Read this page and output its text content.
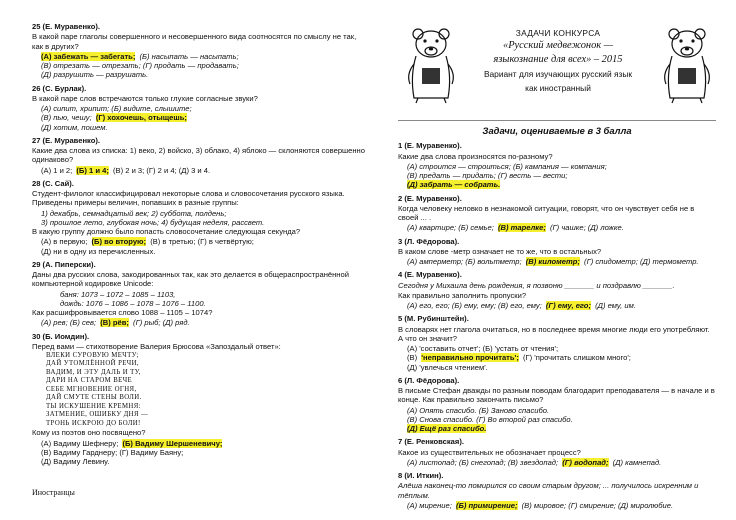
25 (Е. Муравенко).
В какой паре глаголы совершенного и несовершенного вида соотносятся по смыслу не так, как в других?
(А) забежать — забегать; (Б) насыпать — насыпать;
(В) отрезать — отрезать; (Г) продать — продавать;
(Д) разрушить — разрушать.
26 (С. Бурлак).
В какой паре слов встречаются только глухие согласные звуки?
(А) сипит, хрипит; (Б) видите, слышите;
(В) пью, чешу; (Г) хохочешь, отыщешь;
(Д) хотим, пошем.
27 (Е. Муравенко).
Какие два слова из списка: 1) веко, 2) войско, 3) облако, 4) яблоко — склоняются совершенно одинаково?
(А) 1 и 2; (Б) 1 и 4; (В) 2 и 3; (Г) 2 и 4; (Д) 3 и 4.
28 (С. Сай).
Студент-филолог классифицировал некоторые слова и словосочетания русского языка. Приведены примеры величин, попавших в разные группы:
1) декабрь, семнадцатый век; 2) суббота, полдень;
3) прошлое лето, глубокая ночь; 4) будущая неделя, рассвет.
В какую группу должно было попасть словосочетание следующая секунда?
(А) в первую; (Б) во вторую; (В) в третью; (Г) в четвёртую;
(Д) ни в одну из перечисленных.
29 (А. Пиперски).
Даны два русских слова, закодированных так, как это делается в общераспространённой компьютерной кодировке Unicode:
баня: 1073 – 1072 – 1085 – 1103,
дождь: 1076 – 1086 – 1078 – 1076 – 1100.
Как расшифровывается слово 1088 – 1105 – 1074?
(А) рев; (Б) сев; (В) рёв; (Г) рыб; (Д) ряд.
30 (Б. Иомдин).
Перед вами — стихотворение Валерия Брюсова «Запоздалый ответ»:
ВЛЕКИ СУРОВУЮ МЕЧТУ;
ДАЙ УТОМЛЁННОЙ РЕЧИ,
ВАДИМ, И ЭТУ ДАЛЬ И ТУ,
ДАРИ НА СТАРОМ ВЕЧЕ
СЕБЕ МГНОВЕНИЕ ОГНЯ,
ДАЙ СМУТЕ СТЕНЫ ВОЛИ.
ТЫ ИСКУШЕНИЕ КРЕМНЯ:
ЗАТМЕНИЕ, ОШИБКУ ДНЯ —
ТРОНЬ ИСКРОЮ ДО БОЛИ!
Кому из поэтов оно посвящено?
(А) Вадиму Шефнеру; (Б) Вадиму Шершеневичу;
(В) Вадиму Гарднеру; (Г) Вадиму Баяну;
(Д) Вадиму Левину.
Иностранцы
ЗАДАЧИ КОНКУРСА
«Русский медвежонок —
языкознание для всех» – 2015
Вариант для изучающих русский язык
как иностранный
Задачи, оцениваемые в 3 балла
1 (Е. Муравенко).
Какие два слова произносятся по-разному?
(А) строится — строиться; (Б) кампания — компания;
(В) предать — придать; (Г) весть — вести;
(Д) забрать — собрать.
2 (Е. Муравенко).
Когда человеку неловко в незнакомой ситуации, говорят, что он чувствует себя не в своей ... .
(А) квартире; (Б) семье; (В) тарелке; (Г) чашке; (Д) ложке.
3 (Л. Фёдорова).
В каком слове -метр означает не то же, что в остальных?
(А) амперметр; (Б) вольтметр; (В) километр; (Г) спидометр; (Д) термометр.
4 (Е. Муравенко).
Сегодня у Михаила день рождения, я позвоню _______ и поздравлю _______.
Как правильно заполнить пропуски?
(А) его, его; (Б) ему, ему; (В) его, ему; (Г) ему, его; (Д) ему, им.
5 (М. Рубинштейн).
В словарях нет глагола очитаться, но в последнее время многие люди его употребляют. А что он значит?
(А) 'составить отчет'; (Б) 'устать от чтения';
(В) 'неправильно прочитать'; (Г) 'прочитать слишком много';
(Д) 'увлечься чтением'.
6 (Л. Фёдорова).
В письме Стефан дважды по разным поводам благодарит преподавателя — в начале и в конце. Как правильно закончить письмо?
(А) Опять спасибо. (Б) Заново спасибо.
(В) Снова спасибо. (Г) Во второй раз спасибо.
(Д) Ещё раз спасибо.
7 (Е. Ренковская).
Какое из существительных не обозначает процесс?
(А) листопад; (Б) снегопад; (В) звездопад; (Г) водопад; (Д) камнепад.
8 (И. Иткин).
Алёша наконец-то помирился со своим старым другом; ... получилось искренним и тёплым.
(А) мирение; (Б) примирение; (В) мировое; (Г) смирение; (Д) миролюбие.
